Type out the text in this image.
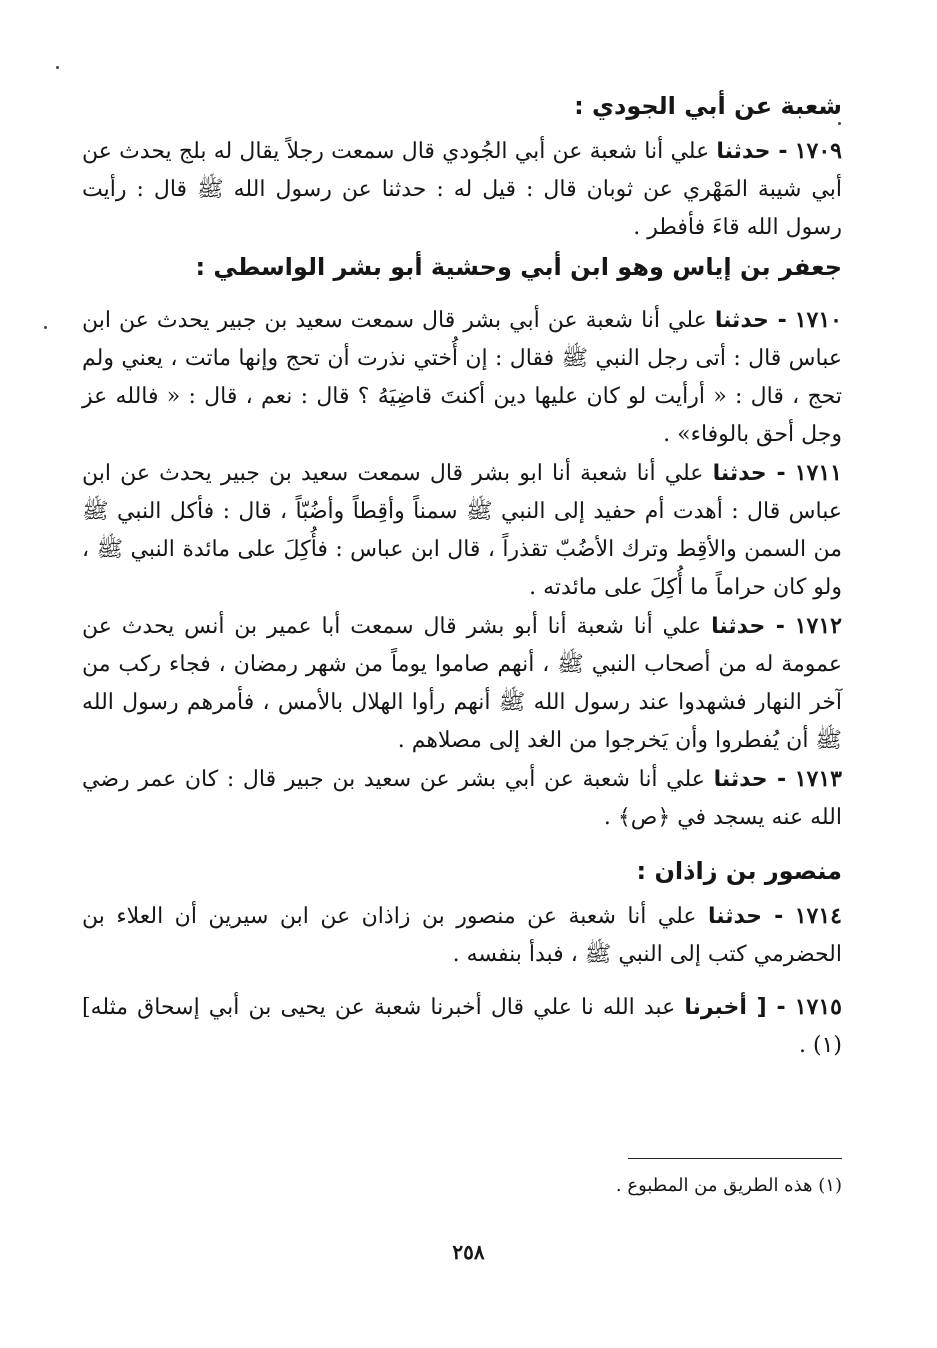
شعبة عن أبي الجودي :

١٧٠٩ - حدثنا علي أنا شعبة عن أبي الجُودي قال سمعت رجلاً يقال له بلج يحدث عن أبي شيبة المَهْري عن ثوبان قال : قيل له : حدثنا عن رسول الله ﷺ قال : رأيت رسول الله قاءَ فأفطر .

جعفر بن إياس وهو ابن أبي وحشية أبو بشر الواسطي :

١٧١٠ - حدثنا علي أنا شعبة عن أبي بشر قال سمعت سعيد بن جبير يحدث عن ابن عباس قال : أتى رجل النبي ﷺ فقال : إن أُختي نذرت أن تحج وإنها ماتت ، يعني ولم تحج ، قال : « أرأيت لو كان عليها دين أكنتَ قاضِيَهُ ؟ قال : نعم ، قال : « فالله عز وجل أحق بالوفاء» .

١٧١١ - حدثنا علي أنا شعبة أنا ابو بشر قال سمعت سعيد بن جبير يحدث عن ابن عباس قال : أهدت أم حفيد إلى النبي ﷺ سمناً وأقِطاً وأضُبّاً ، قال : فأكل النبي ﷺ من السمن والأقِط وترك الأضُبّ تقذراً ، قال ابن عباس : فأُكِلَ على مائدة النبي ﷺ ، ولو كان حراماً ما أُكِلَ على مائدته .

١٧١٢ - حدثنا علي أنا شعبة أنا أبو بشر قال سمعت أبا عمير بن أنس يحدث عن عمومة له من أصحاب النبي ﷺ ، أنهم صاموا يوماً من شهر رمضان ، فجاء ركب من آخر النهار فشهدوا عند رسول الله ﷺ أنهم رأوا الهلال بالأمس ، فأمرهم رسول الله ﷺ أن يُفطروا وأن يَخرجوا من الغد إلى مصلاهم .

١٧١٣ - حدثنا علي أنا شعبة عن أبي بشر عن سعيد بن جبير قال : كان عمر رضي الله عنه يسجد في ﴿ص﴾ .

منصور بن زاذان :

١٧١٤ - حدثنا علي أنا شعبة عن منصور بن زاذان عن ابن سيرين أن العلاء بن الحضرمي كتب إلى النبي ﷺ ، فبدأ بنفسه .

١٧١٥ - [ أخبرنا عبد الله نا علي قال أخبرنا شعبة عن يحيى بن أبي إسحاق مثله] (١) .

(١) هذه الطريق من المطبوع .
٢٥٨
